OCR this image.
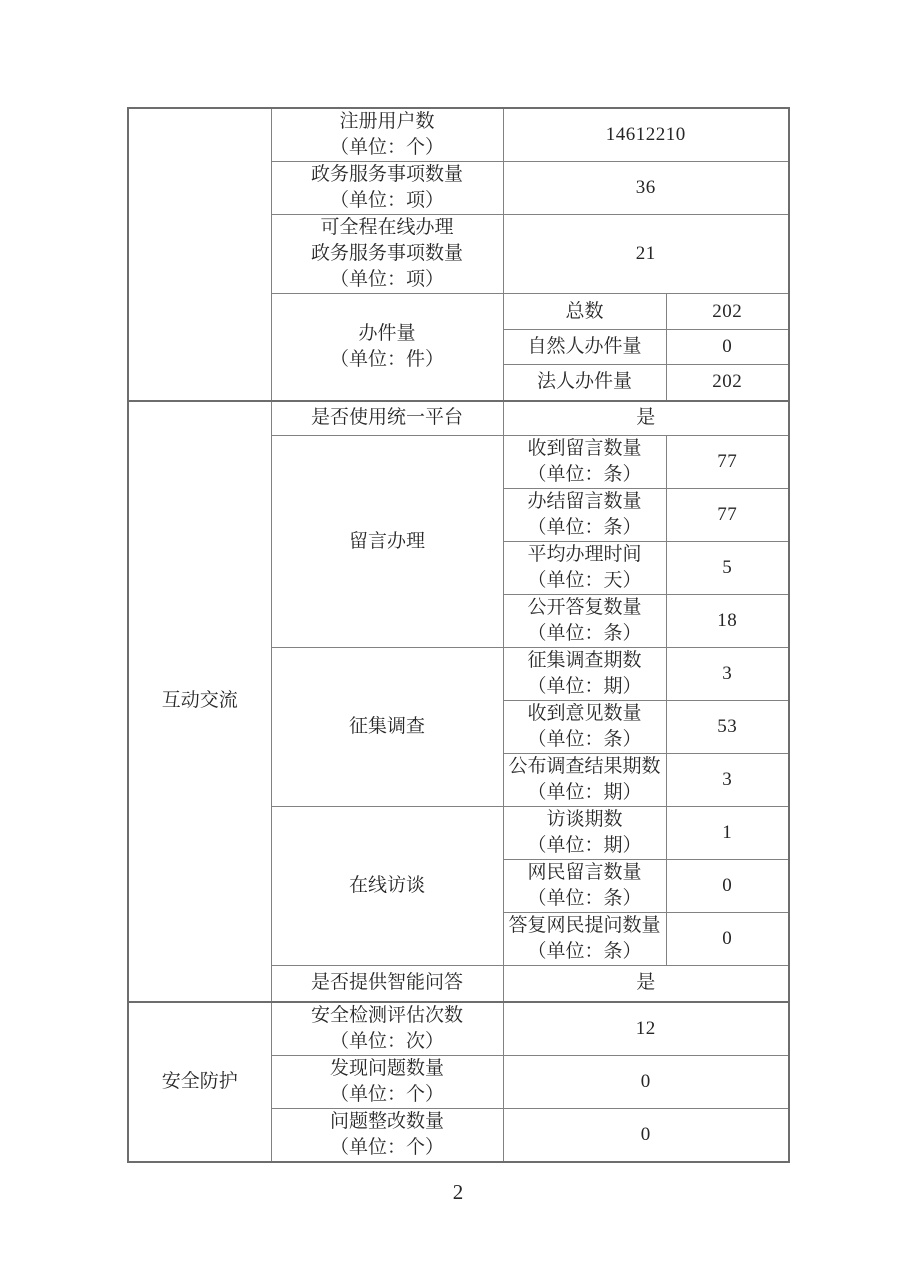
	注册用户数
（单位：个）	14612210	

	政务服务事项数量
（单位：项）	36	

	可全程在线办理
政务服务事项数量
（单位：项）	21	

	办件量
（单位：件）	总数	202
		自然人办件量	0
		法人办件量	202
互动交流	是否使用统一平台	是	
	留言办理	收到留言数量
（单位：条）	77

		办结留言数量
（单位：条）	77

		平均办理时间
（单位：天）	5

		公开答复数量
（单位：条）	18
	征集调查	征集调查期数
（单位：期）	3

		收到意见数量
（单位：条）	53

		公布调查结果期数
（单位：期）	3
	在线访谈	访谈期数
（单位：期）	1

		网民留言数量
（单位：条）	0

		答复网民提问数量
（单位：条）	0
	是否提供智能问答	是	
安全防护	安全检测评估次数
（单位：次）	12	

	发现问题数量
（单位：个）	0	

	问题整改数量
（单位：个）	0	
2
